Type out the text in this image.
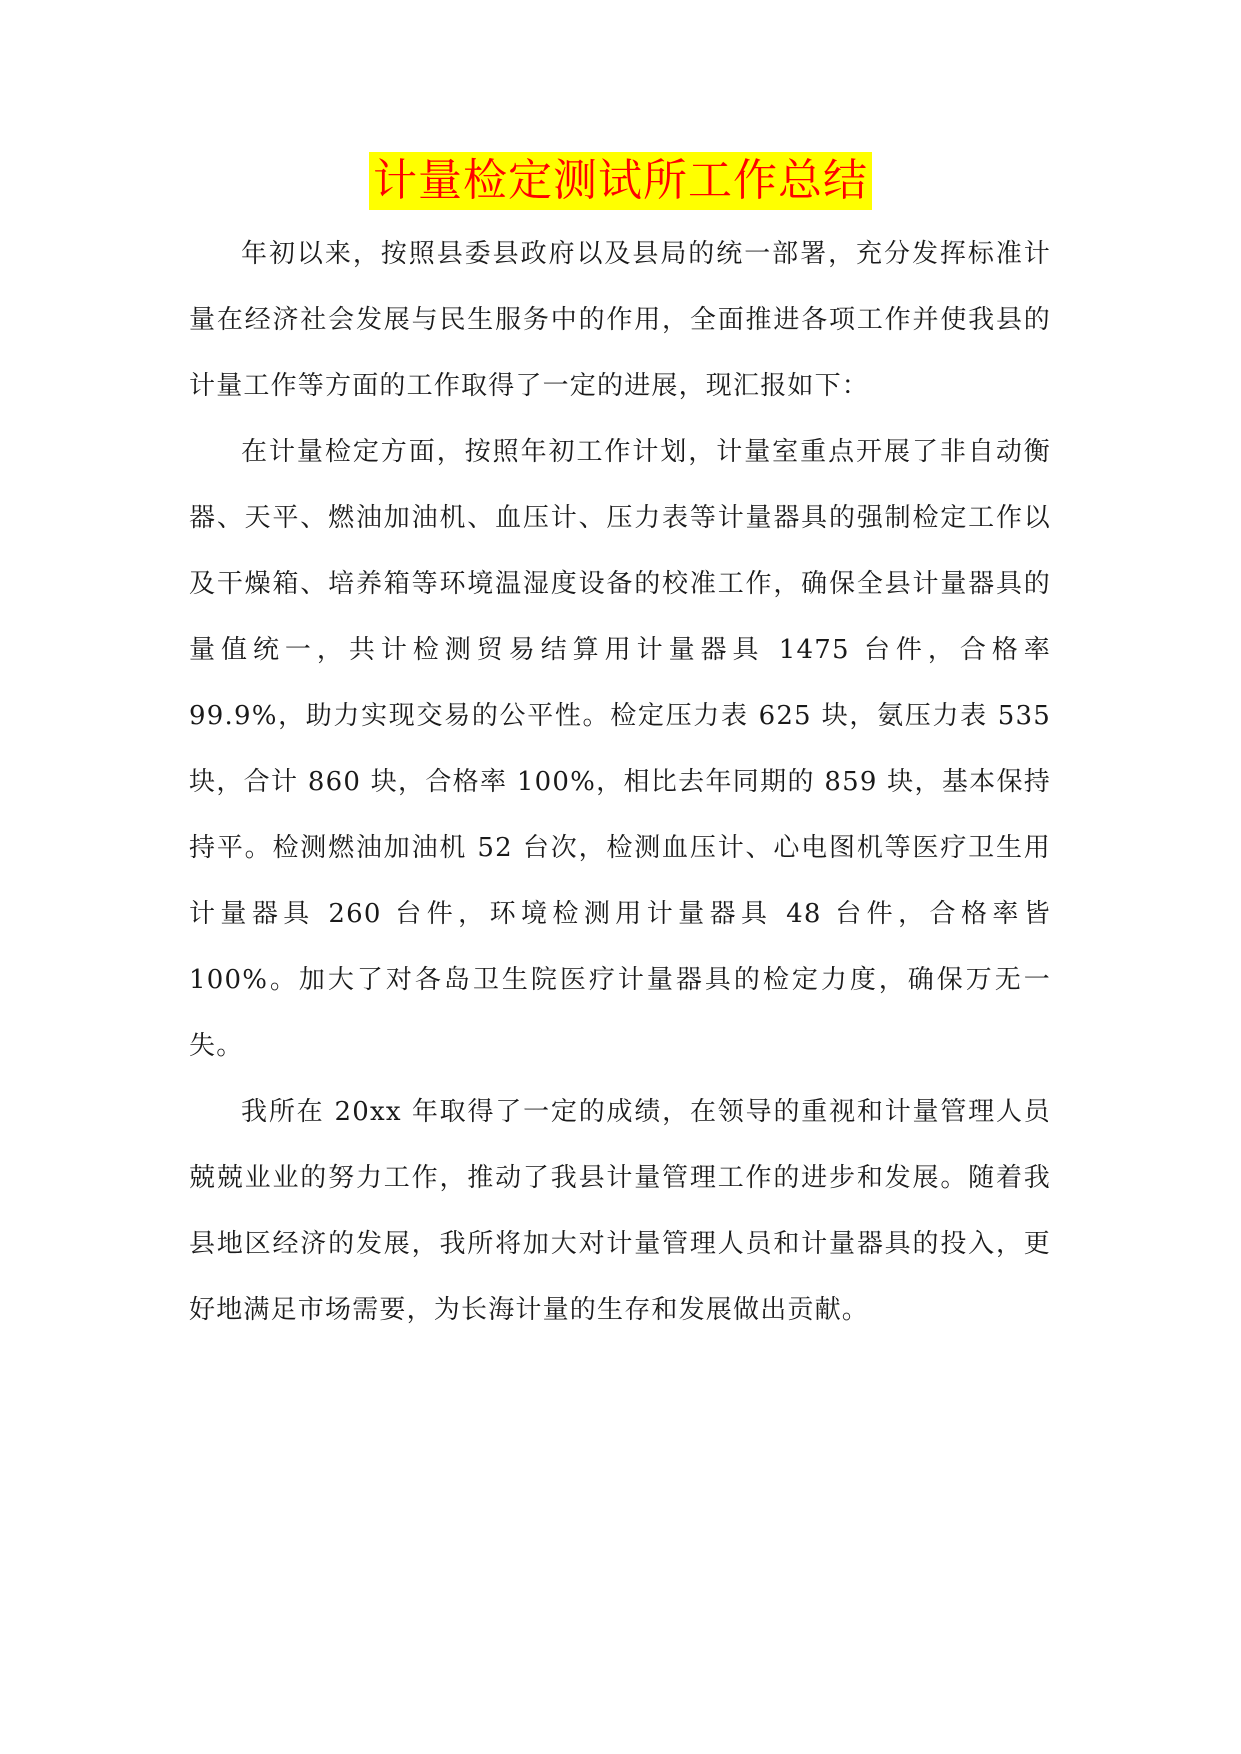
计量检定测试所工作总结

年初以来，按照县委县政府以及县局的统一部署，充分发挥标准计量在经济社会发展与民生服务中的作用，全面推进各项工作并使我县的计量工作等方面的工作取得了一定的进展，现汇报如下：

在计量检定方面，按照年初工作计划，计量室重点开展了非自动衡器、天平、燃油加油机、血压计、压力表等计量器具的强制检定工作以及干燥箱、培养箱等环境温湿度设备的校准工作，确保全县计量器具的量值统一，共计检测贸易结算用计量器具 1475 台件，合格率 99.9%，助力实现交易的公平性。检定压力表 625 块，氨压力表 535 块，合计 860 块，合格率 100%，相比去年同期的 859 块，基本保持持平。检测燃油加油机 52 台次，检测血压计、心电图机等医疗卫生用计量器具 260 台件，环境检测用计量器具 48 台件，合格率皆 100%。加大了对各岛卫生院医疗计量器具的检定力度，确保万无一失。

我所在 20xx 年取得了一定的成绩，在领导的重视和计量管理人员兢兢业业的努力工作，推动了我县计量管理工作的进步和发展。随着我县地区经济的发展，我所将加大对计量管理人员和计量器具的投入，更好地满足市场需要，为长海计量的生存和发展做出贡献。
